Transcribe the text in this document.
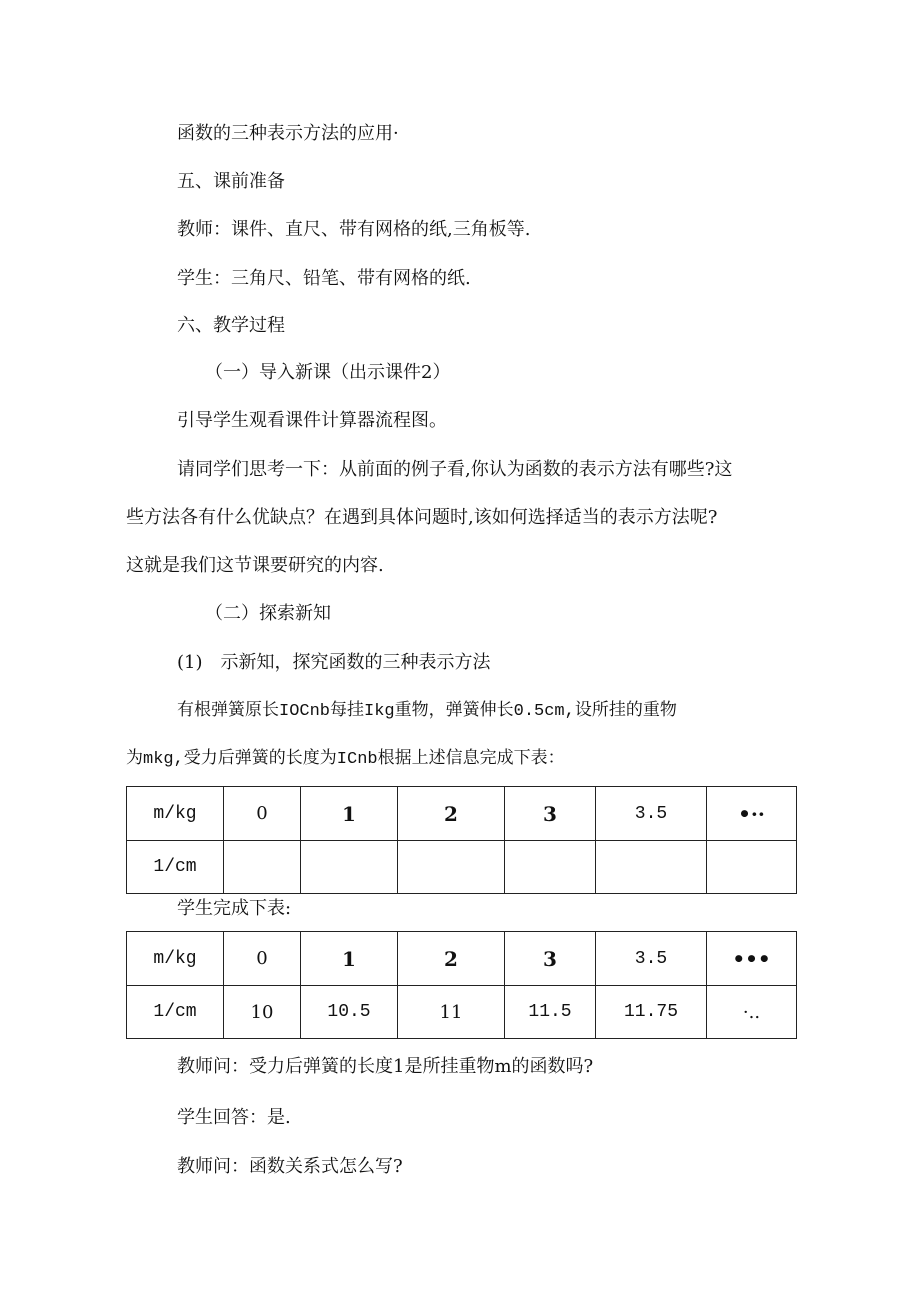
函数的三种表示方法的应用·
五、课前准备
教师：课件、直尺、带有网格的纸,三角板等.
学生：三角尺、铅笔、带有网格的纸.
六、教学过程
（一）导入新课（出示课件2）
引导学生观看课件计算器流程图。
请同学们思考一下：从前面的例子看,你认为函数的表示方法有哪些?这
些方法各有什么优缺点？在遇到具体问题时,该如何选择适当的表示方法呢?
这就是我们这节课要研究的内容.
（二）探索新知
(1)　示新知，探究函数的三种表示方法
有根弹簧原长IOCnb每挂Ikg重物，弹簧伸长0.5cm,设所挂的重物
为mkg,受力后弹簧的长度为ICnb根据上述信息完成下表：
m/kg	0	1	2	3	3.5	•··
1/cm						
学生完成下表:
m/kg	0	1	2	3	3.5	•••
1/cm	10	10.5	11	11.5	11.75	·..
教师问：受力后弹簧的长度1是所挂重物m的函数吗?
学生回答：是.
教师问：函数关系式怎么写?
